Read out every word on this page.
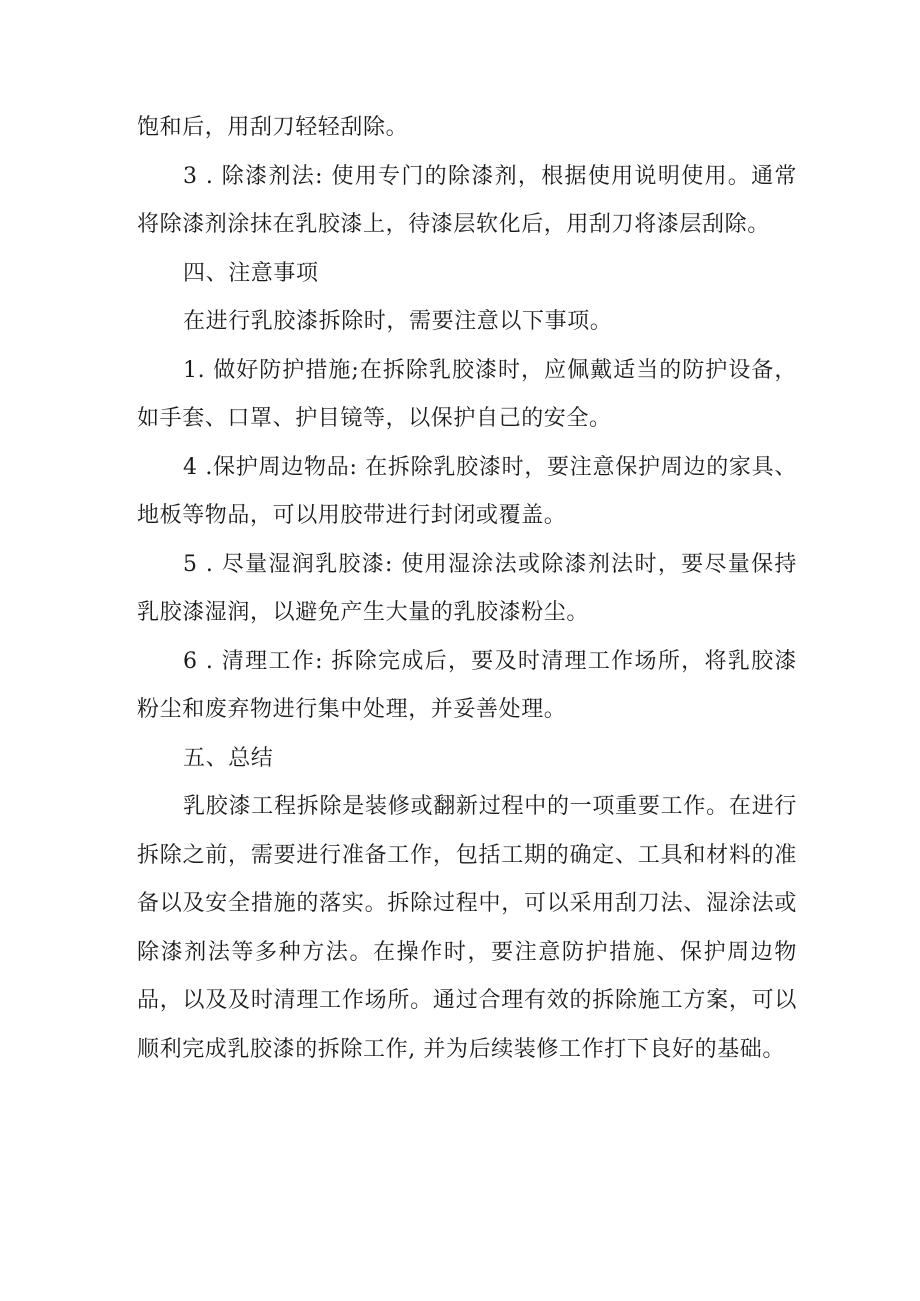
饱和后，用刮刀轻轻刮除。

3 . 除漆剂法: 使用专门的除漆剂，根据使用说明使用。通常将除漆剂涂抹在乳胶漆上，待漆层软化后，用刮刀将漆层刮除。

四、注意事项

在进行乳胶漆拆除时，需要注意以下事项。

1. 做好防护措施;在拆除乳胶漆时，应佩戴适当的防护设备，如手套、口罩、护目镜等，以保护自己的安全。

4 .保护周边物品: 在拆除乳胶漆时，要注意保护周边的家具、地板等物品，可以用胶带进行封闭或覆盖。

5 . 尽量湿润乳胶漆: 使用湿涂法或除漆剂法时，要尽量保持乳胶漆湿润，以避免产生大量的乳胶漆粉尘。

6 . 清理工作: 拆除完成后，要及时清理工作场所，将乳胶漆粉尘和废弃物进行集中处理，并妥善处理。

五、总结

乳胶漆工程拆除是装修或翻新过程中的一项重要工作。在进行拆除之前，需要进行准备工作，包括工期的确定、工具和材料的准备以及安全措施的落实。拆除过程中，可以采用刮刀法、湿涂法或除漆剂法等多种方法。在操作时，要注意防护措施、保护周边物品，以及及时清理工作场所。通过合理有效的拆除施工方案，可以顺利完成乳胶漆的拆除工作, 并为后续装修工作打下良好的基础。
